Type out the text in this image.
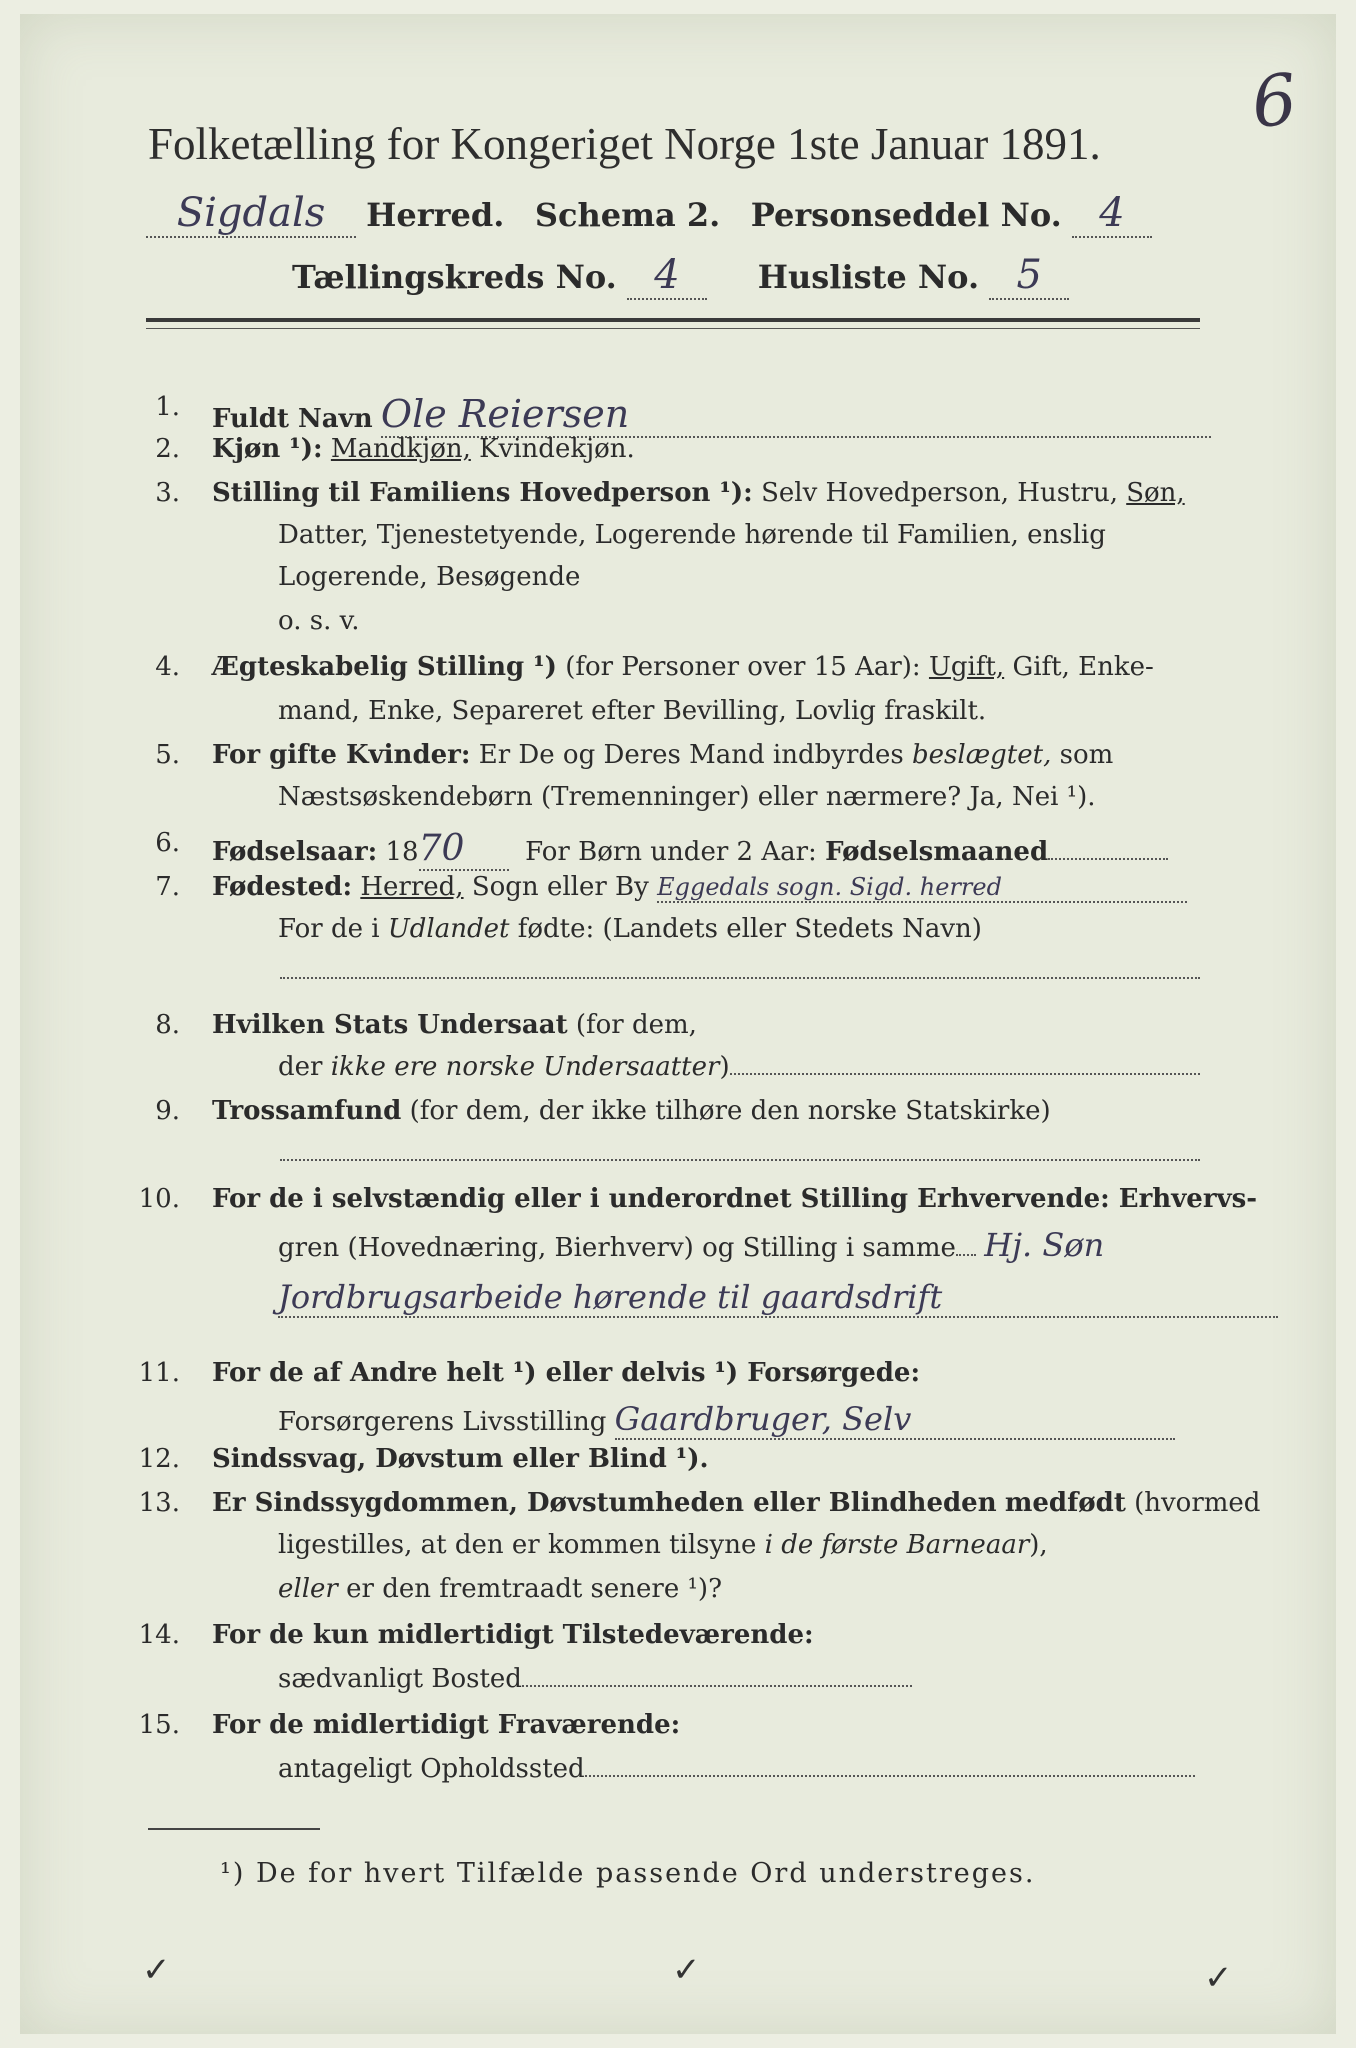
6
Folketælling for Kongeriget Norge 1ste Januar 1891.
Sigdals Herred. Schema 2. Personseddel No. 4
Tællingskreds No. 4 Husliste No. 5
1. Fuldt Navn Ole Reiersen
2. Kjøn ¹): Mandkjøn, Kvindekjøn.
3. Stilling til Familiens Hovedperson ¹): Selv Hovedperson, Hustru, Søn,
Datter, Tjenestetyende, Logerende hørende til Familien, enslig
Logerende, Besøgende
o. s. v.
4. Ægteskabelig Stilling ¹) (for Personer over 15 Aar): Ugift, Gift, Enke-
mand, Enke, Separeret efter Bevilling, Lovlig fraskilt.
5. For gifte Kvinder: Er De og Deres Mand indbyrdes beslægtet, som
Næstsøskendebørn (Tremenninger) eller nærmere? Ja, Nei ¹).
6. Fødselsaar: 1870 For Børn under 2 Aar: Fødselsmaaned
7. Fødested: Herred, Sogn eller By Eggedals sogn. Sigd. herred
For de i Udlandet fødte: (Landets eller Stedets Navn)
8. Hvilken Stats Undersaat (for dem,
der ikke ere norske Undersaatter)
9. Trossamfund (for dem, der ikke tilhøre den norske Statskirke)
10. For de i selvstændig eller i underordnet Stilling Erhvervende: Erhvervs-
gren (Hovednæring, Bierhverv) og Stilling i samme Hj. Søn
Jordbrugsarbeide hørende til gaardsdrift
11. For de af Andre helt ¹) eller delvis ¹) Forsørgede:
Forsørgerens Livsstilling Gaardbruger, Selv
12. Sindssvag, Døvstum eller Blind ¹).
13. Er Sindssygdommen, Døvstumheden eller Blindheden medfødt (hvormed
ligestilles, at den er kommen tilsyne i de første Barneaar),
eller er den fremtraadt senere ¹)?
14. For de kun midlertidigt Tilstedeværende:
sædvanligt Bosted
15. For de midlertidigt Fraværende:
antageligt Opholdssted
¹) De for hvert Tilfælde passende Ord understreges.
✓	✓	✓
